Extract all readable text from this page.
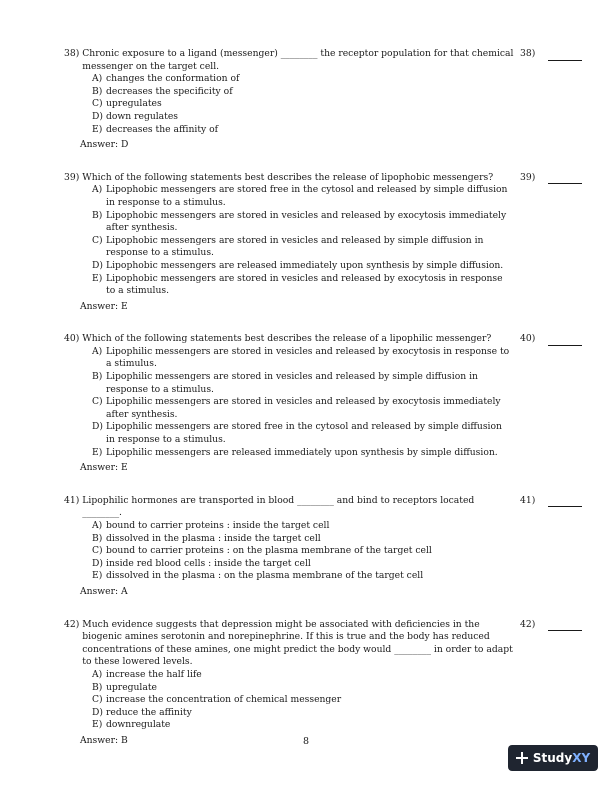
38) Chronic exposure to a ligand (messenger) ________ the receptor population for that chemical messenger on the target cell.
A) changes the conformation of
B) decreases the specificity of
C) upregulates
D) down regulates
E) decreases the affinity of
Answer: D
38)
39) Which of the following statements best describes the release of lipophobic messengers?
A) Lipophobic messengers are stored free in the cytosol and released by simple diffusion in response to a stimulus.
B) Lipophobic messengers are stored in vesicles and released by exocytosis immediately after synthesis.
C) Lipophobic messengers are stored in vesicles and released by simple diffusion in response to a stimulus.
D) Lipophobic messengers are released immediately upon synthesis by simple diffusion.
E) Lipophobic messengers are stored in vesicles and released by exocytosis in response to a stimulus.
Answer: E
39)
40) Which of the following statements best describes the release of a lipophilic messenger?
A) Lipophilic messengers are stored in vesicles and released by exocytosis in response to a stimulus.
B) Lipophilic messengers are stored in vesicles and released by simple diffusion in response to a stimulus.
C) Lipophilic messengers are stored in vesicles and released by exocytosis immediately after synthesis.
D) Lipophilic messengers are stored free in the cytosol and released by simple diffusion in response to a stimulus.
E) Lipophilic messengers are released immediately upon synthesis by simple diffusion.
Answer: E
40)
41) Lipophilic hormones are transported in blood ________ and bind to receptors located ________.
A) bound to carrier proteins : inside the target cell
B) dissolved in the plasma : inside the target cell
C) bound to carrier proteins : on the plasma membrane of the target cell
D) inside red blood cells : inside the target cell
E) dissolved in the plasma : on the plasma membrane of the target cell
Answer: A
41)
42) Much evidence suggests that depression might be associated with deficiencies in the biogenic amines serotonin and norepinephrine. If this is true and the body has reduced concentrations of these amines, one might predict the body would ________ in order to adapt to these lowered levels.
A) increase the half life
B) upregulate
C) increase the concentration of chemical messenger
D) reduce the affinity
E) downregulate
Answer: B
42)
8
StudyXY
